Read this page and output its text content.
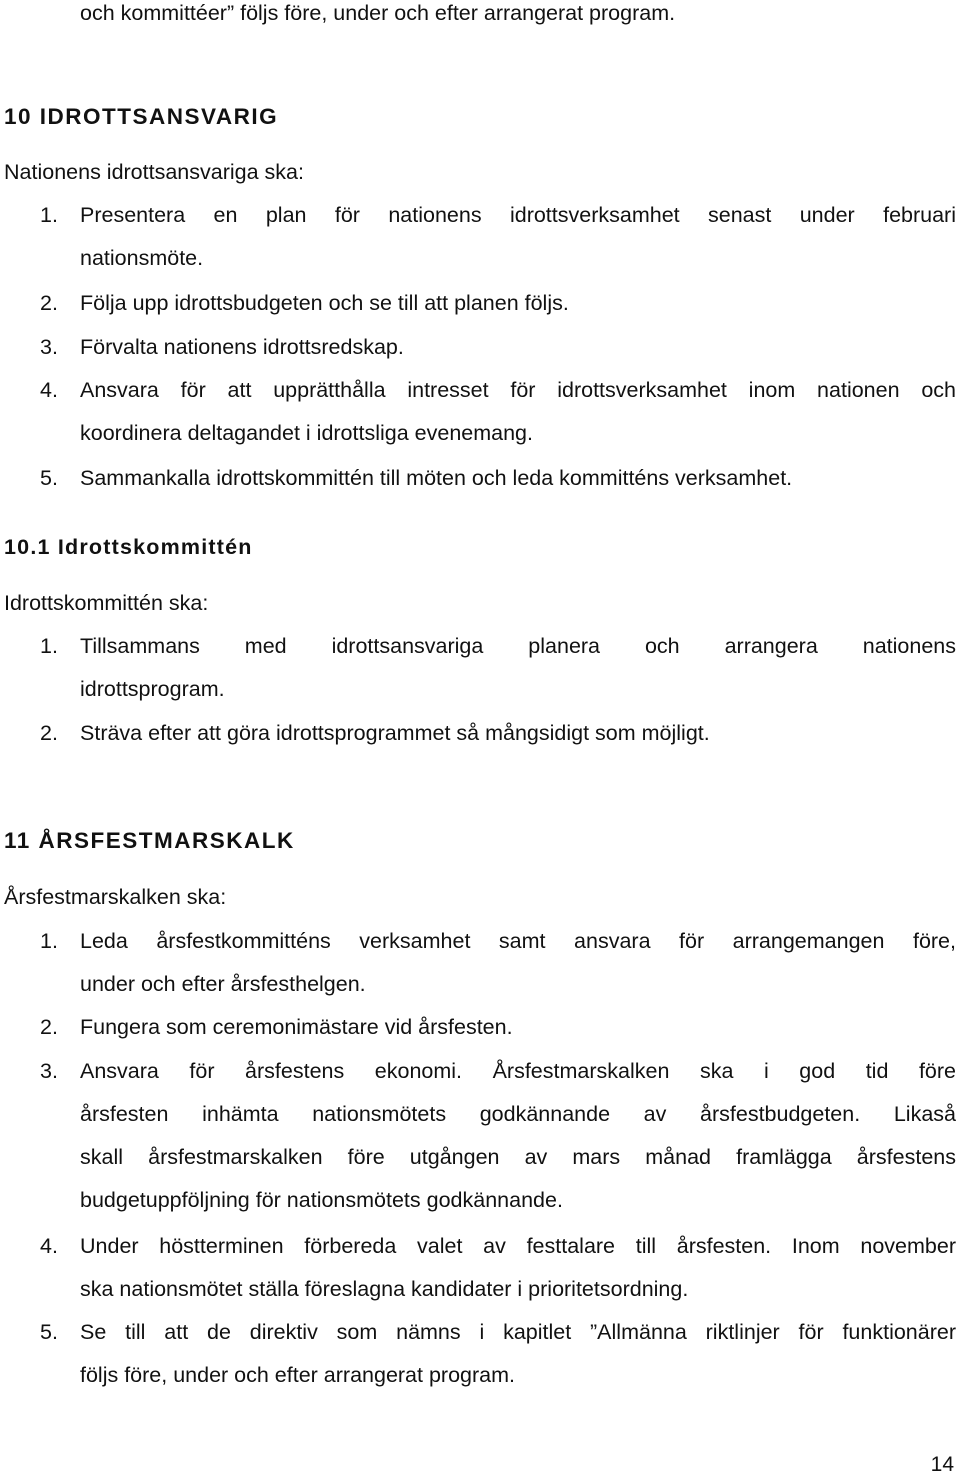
och kommittéer” följs före, under och efter arrangerat program.
10 IDROTTSANSVARIG
Nationens idrottsansvariga ska:
1.	Presentera en plan för nationens idrottsverksamhet senast under februari
nationsmöte.
2.	Följa upp idrottsbudgeten och se till att planen följs.
3.	Förvalta nationens idrottsredskap.
4.	Ansvara för att upprätthålla intresset för idrottsverksamhet inom nationen och
koordinera deltagandet i idrottsliga evenemang.
5.	Sammankalla idrottskommittén till möten och leda kommitténs verksamhet.
10.1 Idrottskommittén
Idrottskommittén ska:
1.	Tillsammans med idrottsansvariga planera och arrangera nationens
idrottsprogram.
2.	Sträva efter att göra idrottsprogrammet så mångsidigt som möjligt.
11 ÅRSFESTMARSKALK
Årsfestmarskalken ska:
1.	Leda årsfestkommitténs verksamhet samt ansvara för arrangemangen före,
under och efter årsfesthelgen.
2.	Fungera som ceremonimästare vid årsfesten.
3.	Ansvara för årsfestens ekonomi. Årsfestmarskalken ska i god tid före
årsfesten inhämta nationsmötets godkännande av årsfestbudgeten. Likaså
skall årsfestmarskalken före utgången av mars månad framlägga årsfestens
budgetuppföljning för nationsmötets godkännande.
4.	Under höstterminen förbereda valet av festtalare till årsfesten. Inom november
ska nationsmötet ställa föreslagna kandidater i prioritetsordning.
5.	Se till att de direktiv som nämns i kapitlet ”Allmänna riktlinjer för funktionärer
följs före, under och efter arrangerat program.
14
